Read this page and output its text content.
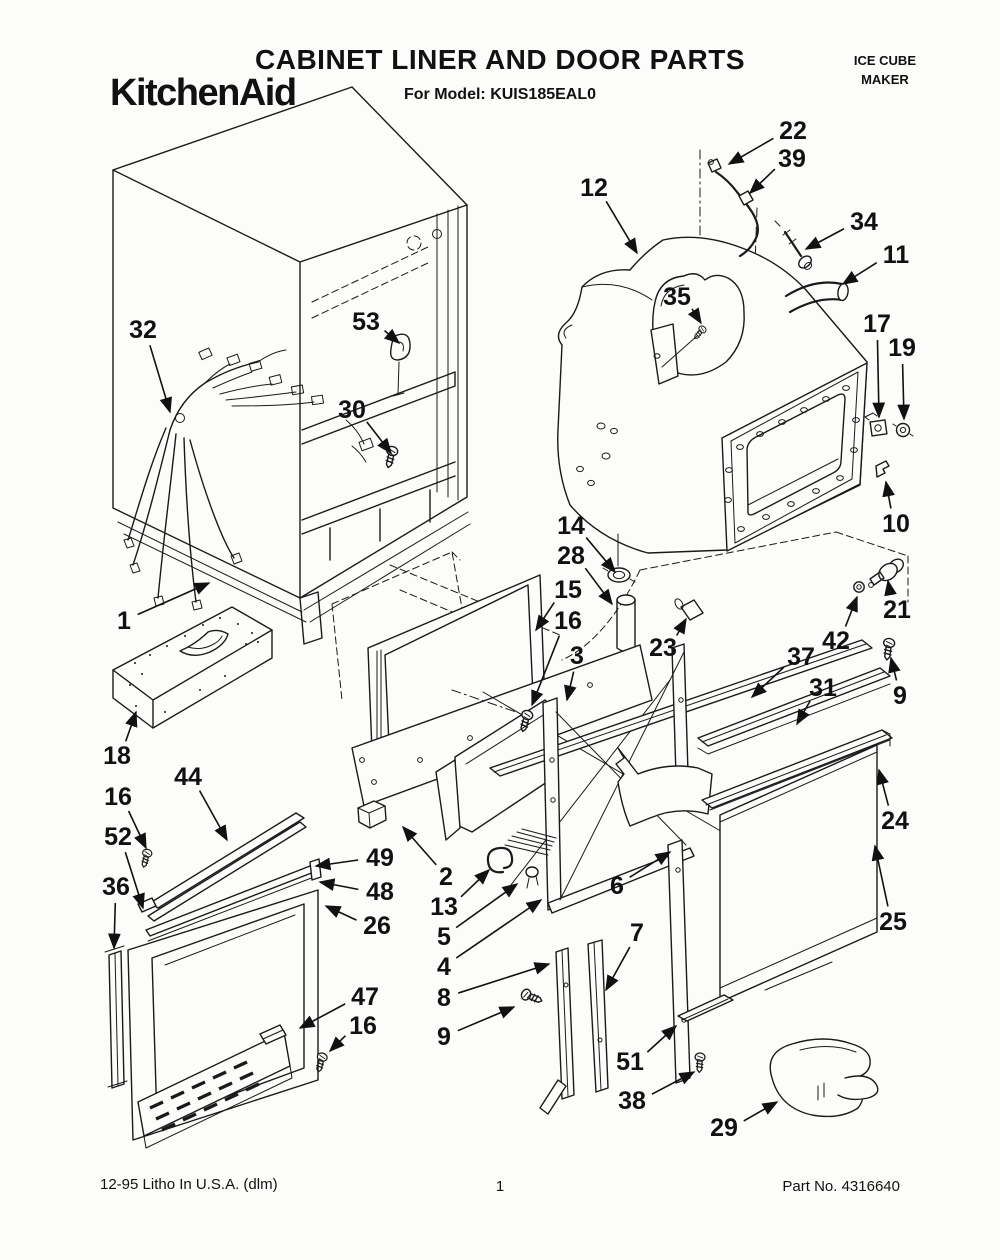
CABINET LINER AND DOOR PARTS
For Model: KUIS185EAL0
ICE CUBE
MAKER
KitchenAid
22
39
34
11
12
35
17
19
32	53
30
14
28
10
15
16
3	23
21
42
1
37
31 9
18
44
16
52
36
49
48
26
2
13
5
4
8
9
6
7
47
16
51
38
24
25
29
12-95 Litho In U.S.A. (dlm)	1	Part No. 4316640
